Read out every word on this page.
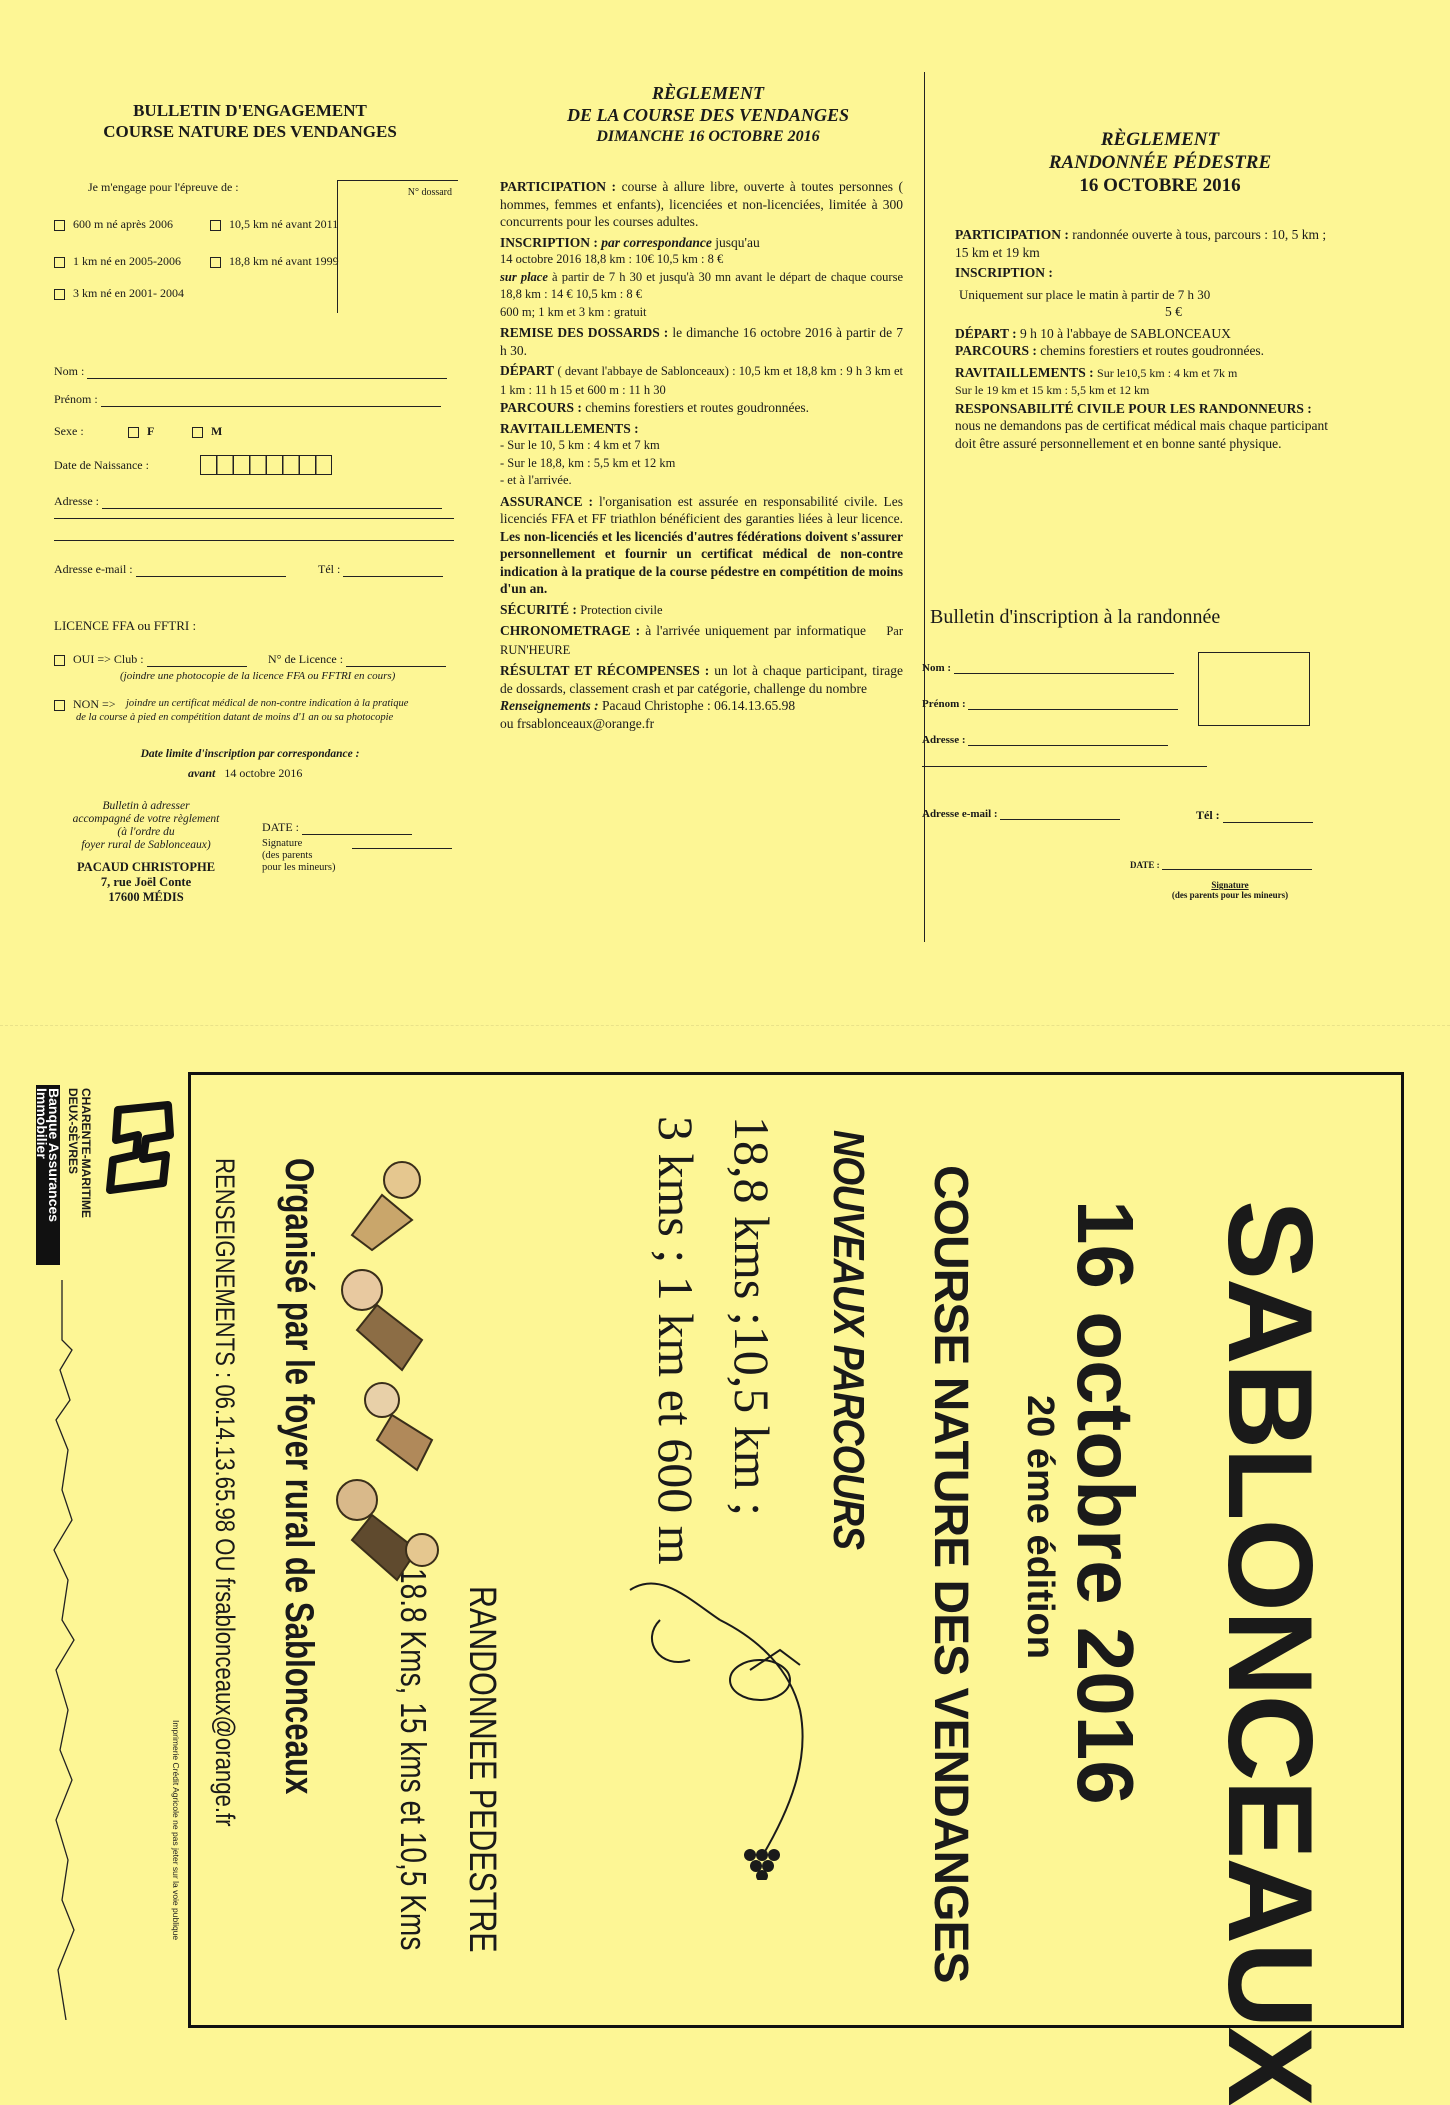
BULLETIN D'ENGAGEMENT
COURSE NATURE DES VENDANGES
Je m'engage pour l'épreuve de :	N° dossard
600 m né après 2006	10,5 km né avant 2011
1 km né en 2005-2006	18,8 km né avant 1999
3 km né en 2001- 2004
Nom :
Prénom :
Sexe :	F	M
Date de Naissance :
Adresse :
Adresse e-mail :	Tél :
LICENCE FFA ou FFTRI :
OUI => Club :	N° de Licence :
(joindre une photocopie de la licence FFA ou FFTRI en cours)
NON => joindre un certificat médical de non-contre indication à la pratique
de la course à pied en compétition datant de moins d'1 an ou sa photocopie
Date limite d'inscription par correspondance :
avant 14 octobre 2016
Bulletin à adresser
accompagné de votre règlement
(à l'ordre du
foyer rural de Sablonceaux)
PACAUD CHRISTOPHE
7, rue Joël Conte
17600 MÉDIS
DATE :
Signature
(des parents
pour les mineurs)
RÈGLEMENT
DE LA COURSE DES VENDANGES
DIMANCHE 16 OCTOBRE 2016

PARTICIPATION : course à allure libre, ouverte à toutes personnes ( hommes, femmes et enfants), licenciées et non-licenciées, limitée à 300 concurrents pour les courses adultes.

INSCRIPTION : par correspondance jusqu'au

14 octobre 2016 18,8 km : 10€ 10,5 km : 8 €

sur place à partir de 7 h 30 et jusqu'à 30 mn avant le départ de chaque course 18,8 km : 14 € 10,5 km : 8 €

600 m; 1 km et 3 km : gratuit

REMISE DES DOSSARDS : le dimanche 16 octobre 2016 à partir de 7 h 30.

DÉPART ( devant l'abbaye de Sablonceaux) : 10,5 km et 18,8 km : 9 h 3 km et 1 km : 11 h 15 et 600 m : 11 h 30

PARCOURS : chemins forestiers et routes goudronnées.

RAVITAILLEMENTS :

- Sur le 10, 5 km : 4 km et 7 km

- Sur le 18,8, km : 5,5 km et 12 km

- et à l'arrivée.

ASSURANCE : l'organisation est assurée en responsabilité civile. Les licenciés FFA et FF triathlon bénéficient des garanties liées à leur licence. Les non-licenciés et les licenciés d'autres fédérations doivent s'assurer personnellement et fournir un certificat médical de non-contre indication à la pratique de la course pédestre en compétition de moins d'un an.

SÉCURITÉ : Protection civile

CHRONOMETRAGE : à l'arrivée uniquement par informatique Par RUN'HEURE

RÉSULTAT ET RÉCOMPENSES : un lot à chaque participant, tirage de dossards, classement crash et par catégorie, challenge du nombre

Renseignements : Pacaud Christophe : 06.14.13.65.98

ou frsablonceaux@orange.fr

RÈGLEMENT
RANDONNÉE PÉDESTRE
16 OCTOBRE 2016

PARTICIPATION : randonnée ouverte à tous, parcours : 10, 5 km ; 15 km et 19 km

INSCRIPTION :

Uniquement sur place le matin à partir de 7 h 30

5 €

DÉPART : 9 h 10 à l'abbaye de SABLONCEAUX

PARCOURS : chemins forestiers et routes goudronnées.

RAVITAILLEMENTS : Sur le10,5 km : 4 km et 7k m

Sur le 19 km et 15 km : 5,5 km et 12 km

RESPONSABILITÉ CIVILE POUR LES RANDONNEURS : nous ne demandons pas de certificat médical mais chaque participant doit être assuré personnellement et en bonne santé physique.

Bulletin d'inscription à la randonnée
Nom :
Prénom :
Adresse :
Adresse e-mail :	Tél :
DATE :
Signature
(des parents pour les mineurs)
Banque Assurances
Immobilier CHARENTE-MARITIME
DEUX-SÈVRES
SABLONCEAUX
16 octobre 2016
20 éme édition
COURSE NATURE DES VENDANGES
NOUVEAUX PARCOURS
18,8 kms ;10,5 km ;
3 kms ; 1 km et 600 m
RANDONNEE PEDESTRE
18.8 Kms, 15 kms et 10,5 Kms
Organisé par le foyer rural de Sablonceaux
RENSEIGNEMENTS : 06.14.13.65.98 OU frsablonceaux@orange.fr
Imprimerie Crédit Agricole ne pas jeter sur la voie publique
